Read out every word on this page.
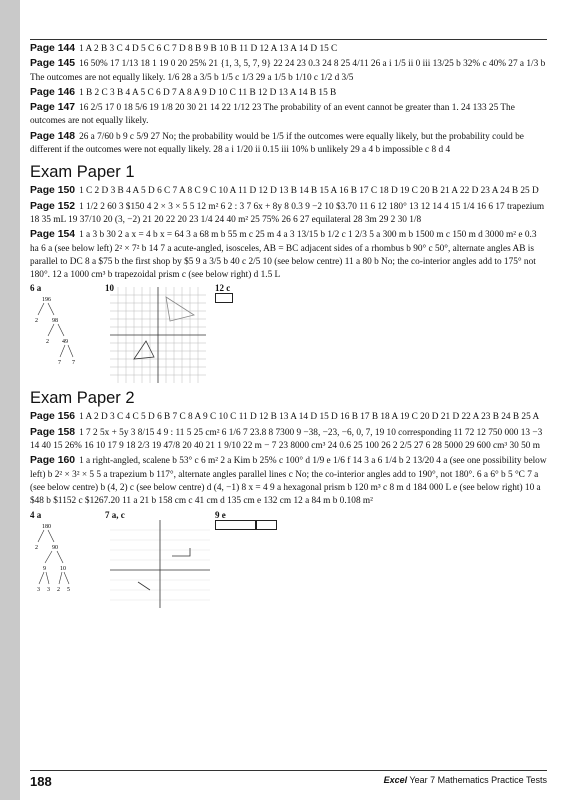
Page 144 1 A 2 B 3 C 4 D 5 C 6 C 7 D 8 B 9 B 10 B 11 D 12 A 13 A 14 D 15 C
Page 145 16 50% 17 1/13 18 1 19 0 20 25% 21 {1, 3, 5, 7, 9} 22 24 23 0.3 24 8 25 4/11 26 a i 1/5 ii 0 iii 13/25 b 32% c 40% 27 a 1/3 b The outcomes are not equally likely. 1/6 28 a 3/5 b 1/5 c 1/3 29 a 1/5 b 1/10 c 1/2 d 3/5
Page 146 1 B 2 C 3 B 4 A 5 C 6 D 7 A 8 A 9 D 10 C 11 B 12 D 13 A 14 B 15 B
Page 147 16 2/5 17 0 18 5/6 19 1/8 20 30 21 14 22 1/12 23 The probability of an event cannot be greater than 1. 24 133 25 The outcomes are not equally likely.
Page 148 26 a 7/60 b 9 c 5/9 27 No; the probability would be 1/5 if the outcomes were equally likely, but the probability could be different if the outcomes were not equally likely. 28 a i 1/20 ii 0.15 iii 10% b unlikely 29 a 4 b impossible c 8 d 4
Exam Paper 1
Page 150 1 C 2 D 3 B 4 A 5 D 6 C 7 A 8 C 9 C 10 A 11 D 12 D 13 B 14 B 15 A 16 B 17 C 18 D 19 C 20 B 21 A 22 D 23 A 24 B 25 D
Page 152 1 1/2 2 60 3 $150 4 2 × 3 × 5 5 12 m² 6 2 : 3 7 6x + 8y 8 0.3 9 −2 10 $3.70 11 6 12 180° 13 12 14 4 15 1/4 16 6 17 trapezium 18 35 mL 19 37/10 20 (3, −2) 21 20 22 20 23 1/4 24 40 m² 25 75% 26 6 27 equilateral 28 3m 29 2 30 1/8
Page 154 1 a 3 b 30 2 a x = 4 b x = 64 3 a 68 m b 55 m c 25 m 4 a 3 13/15 b 1/2 c 1 2/3 5 a 300 m b 1500 m c 150 m d 3000 m² e 0.3 ha 6 a (see below left) 2² × 7² b 14 7 a acute-angled, isosceles, AB = BC adjacent sides of a rhombus b 90° c 50°, alternate angles AB is parallel to DC 8 a $75 b the first shop by $5 9 a 3/5 b 40 c 2/5 10 (see below centre) 11 a 80 b No; the co-interior angles add to 175° not 180°. 12 a 1000 cm³ b trapezoidal prism c (see below right) d 1.5 L
6 a
196
2 98
2 49
7 7
10	12 c
Exam Paper 2
Page 156 1 A 2 D 3 C 4 C 5 D 6 B 7 C 8 A 9 C 10 C 11 D 12 B 13 A 14 D 15 D 16 B 17 B 18 A 19 C 20 D 21 D 22 A 23 B 24 B 25 A
Page 158 1 7 2 5x + 5y 3 8/15 4 9 : 11 5 25 cm² 6 1/6 7 23.8 8 7300 9 −38, −23, −6, 0, 7, 19 10 corresponding 11 72 12 750 000 13 −3 14 40 15 26% 16 10 17 9 18 2/3 19 47/8 20 40 21 1 9/10 22 m − 7 23 8000 cm³ 24 0.6 25 100 26 2 2/5 27 6 28 5000 29 600 cm³ 30 50 m
Page 160 1 a right-angled, scalene b 53° c 6 m² 2 a Kim b 25% c 100° d 1/9 e 1/6 f 14 3 a 6 1/4 b 2 13/20 4 a (see one possibility below left) b 2² × 3² × 5 5 a trapezium b 117°, alternate angles parallel lines c No; the co-interior angles add to 190°, not 180°. 6 a 6° b 5 °C 7 a (see below centre) b (4, 2) c (see below centre) d (4, −1) 8 x = 4 9 a hexagonal prism b 120 m³ c 8 m d 184 000 L e (see below right) 10 a $48 b $1152 c $1267.20 11 a 21 b 158 cm c 41 cm d 135 cm e 132 cm 12 a 84 m b 0.108 m²
4 a
180
2 90
9 10
3 3 2 5
7 a, c	9 e
188	Excel Year 7 Mathematics Practice Tests
